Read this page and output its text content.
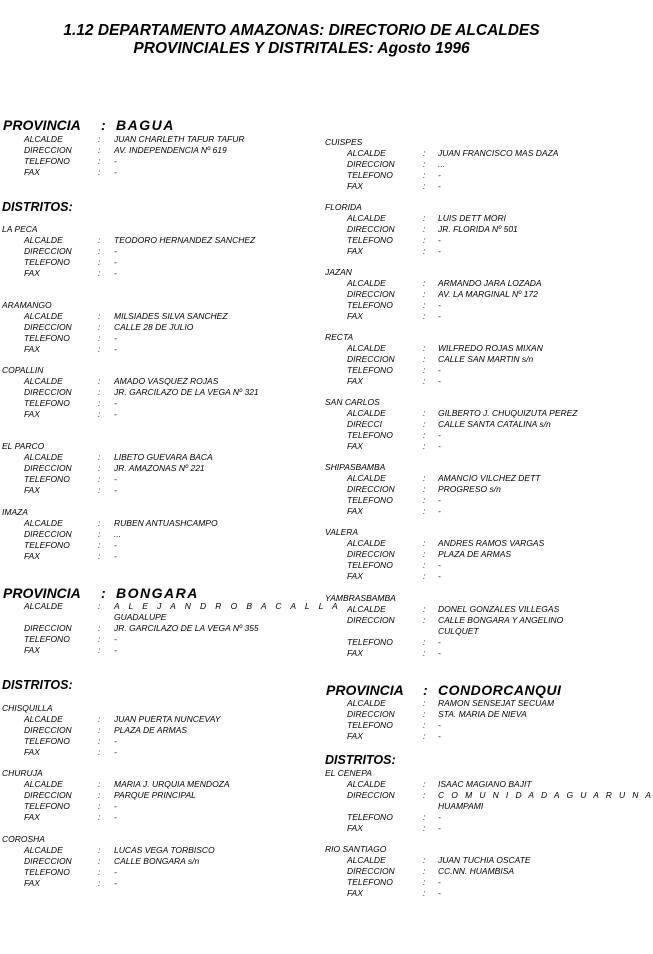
1.12 DEPARTAMENTO AMAZONAS: DIRECTORIO DE ALCALDES
PROVINCIALES Y DISTRITALES: Agosto 1996
PROVINCIA : BAGUA
ALCALDE	: JUAN CHARLETH TAFUR TAFUR
DIRECCION	: AV. INDEPENDENCIA Nº 619
TELEFONO	: -
FAX	: -
DISTRITOS:
LA PECA
ALCALDE	: TEODORO HERNANDEZ SANCHEZ
DIRECCION	: -
TELEFONO	: -
FAX	: -
ARAMANGO
ALCALDE	: MILSIADES SILVA SANCHEZ
DIRECCION	: CALLE 28 DE JULIO
TELEFONO	: -
FAX	: -
COPALLIN
ALCALDE	: AMADO VASQUEZ ROJAS
DIRECCION	: JR. GARCILAZO DE LA VEGA Nº 321
TELEFONO	: -
FAX	: -
EL PARCO
ALCALDE	: LIBETO GUEVARA BACA
DIRECCION	: JR. AMAZONAS Nº 221
TELEFONO	: -
FAX	: -
IMAZA
ALCALDE	: RUBEN ANTUASHCAMPO
DIRECCION	: ...
TELEFONO	: -
FAX	: -
PROVINCIA : BONGARA
ALCALDE	: A L E J A N D R O B A C A L L A
GUADALUPE
DIRECCION	: JR. GARCILAZO DE LA VEGA Nº 355
TELEFONO	: -
FAX	: -
DISTRITOS:
CHISQUILLA
ALCALDE	: JUAN PUERTA NUNCEVAY
DIRECCION	: PLAZA DE ARMAS
TELEFONO	: -
FAX	: -
CHURUJA
ALCALDE	: MARIA J. URQUIA MENDOZA
DIRECCION	: PARQUE PRINCIPAL
TELEFONO	: -
FAX	: -
COROSHA
ALCALDE	: LUCAS VEGA TORBISCO
DIRECCION	: CALLE BONGARA s/n
TELEFONO	: -
FAX	: -
CUISPES
ALCALDE	: JUAN FRANCISCO MAS DAZA
DIRECCION	: ...
TELEFONO	: -
FAX	: -
FLORIDA
ALCALDE	: LUIS DETT MORI
DIRECCION	: JR. FLORIDA Nº 501
TELEFONO	: -
FAX	: -
JAZAN
ALCALDE	: ARMANDO JARA LOZADA
DIRECCION	: AV. LA MARGINAL Nº 172
TELEFONO	: -
FAX	: -
RECTA
ALCALDE	: WILFREDO ROJAS MIXAN
DIRECCION	: CALLE SAN MARTIN s/n
TELEFONO	: -
FAX	: -
SAN CARLOS
ALCALDE	: GILBERTO J. CHUQUIZUTA PEREZ
DIRECCI	: CALLE SANTA CATALINA s/n
TELEFONO	: -
FAX	: -
SHIPASBAMBA
ALCALDE	: AMANCIO VILCHEZ DETT
DIRECCION	: PROGRESO s/n
TELEFONO	: -
FAX	: -
VALERA
ALCALDE	: ANDRES RAMOS VARGAS
DIRECCION	: PLAZA DE ARMAS
TELEFONO	: -
FAX	: -
YAMBRASBAMBA
ALCALDE	: DONEL GONZALES VILLEGAS
DIRECCION	: CALLE BONGARA Y ANGELINO
CULQUET
TELEFONO	: -
FAX	: -
PROVINCIA : CONDORCANQUI
ALCALDE	: RAMON SENSEJAT SECUAM
DIRECCION	: STA. MARIA DE NIEVA
TELEFONO	: -
FAX	: -
DISTRITOS:
EL CENEPA
ALCALDE	: ISAAC MAGIANO BAJIT
DIRECCION	: C O M U N I D A D A G U A R U N A
HUAMPAMI
TELEFONO	: -
FAX	: -
RIO SANTIAGO
ALCALDE	: JUAN TUCHIA OSCATE
DIRECCION	: CC.NN. HUAMBISA
TELEFONO	: -
FAX	: -
